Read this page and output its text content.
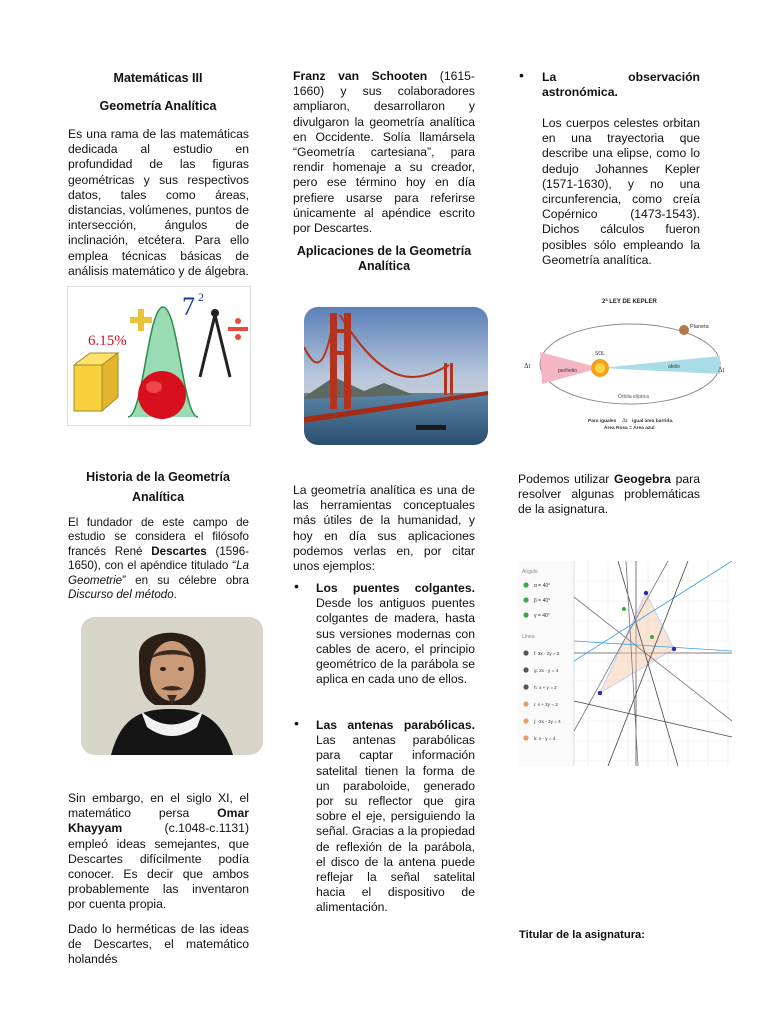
Matemáticas III
Geometría Analítica
Es una rama de las matemáticas dedicada al estudio en profundidad de las figuras geométricas y sus respectivos datos, tales como áreas, distancias, volúmenes, puntos de intersección, ángulos de inclinación, etcétera. Para ello emplea técnicas básicas de análisis matemático y de álgebra.
6.15%
7 2
Historia de la Geometría Analítica
El fundador de este campo de estudio se considera el filósofo francés René Descartes (1596-1650), con el apéndice titulado “La Geometrie” en su célebre obra Discurso del método.
Sin embargo, en el siglo XI, el matemático persa Omar Khayyam (c.1048-c.1131) empleó ideas semejantes, que Descartes difícilmente podía conocer. Es decir que ambos probablemente las inventaron por cuenta propia.
Dado lo herméticas de las ideas de Descartes, el matemático holandés
Franz van Schooten (1615-1660) y sus colaboradores ampliaron, desarrollaron y divulgaron la geometría analítica en Occidente. Solía llamársela “Geometría cartesiana”, para rendir homenaje a su creador, pero ese término hoy en día prefiere usarse para referirse únicamente al apéndice escrito por Descartes.
Aplicaciones de la Geometría Analítica
La geometría analítica es una de las herramientas conceptuales más útiles de la humanidad, y hoy en día sus aplicaciones podemos verlas en, por citar unos ejemplos:
• Los puentes colgantes. Desde los antiguos puentes colgantes de madera, hasta sus versiones modernas con cables de acero, el principio geométrico de la parábola se aplica en cada uno de ellos.
• Las antenas parabólicas. Las antenas parabólicas para captar información satelital tienen la forma de un paraboloide, generado por su reflector que gira sobre el eje, persiguiendo la señal. Gracias a la propiedad de reflexión de la parábola, el disco de la antena puede reflejar la señal satelital hacia el dispositivo de alimentación.
• La observación astronómica.
Los cuerpos celestes orbitan en una trayectoria que describe una elipse, como lo dedujo Johannes Kepler (1571-1630), y no una circunferencia, como creía Copérnico (1473-1543). Dichos cálculos fueron posibles sólo empleando la Geometría analítica.
2ª LEY DE KEPLER
Planeta
SOL
perihelio
afelio
Órbita elíptica
Δt	Δt
Para iguales Δt igual área barrida.
Área Rosa = Área azul
Podemos utilizar Geogebra para resolver algunas problemáticas de la asignatura.
Ángulo
α = 40°
β = 40°
γ = 40°
Línea
f: 3x - 2y = 2
g: 2x - y = 4
h: x + y = 2
i: x + 2y = 2
j: -2x - 3y = 4
k: x - y = 4
Titular de la asignatura:
